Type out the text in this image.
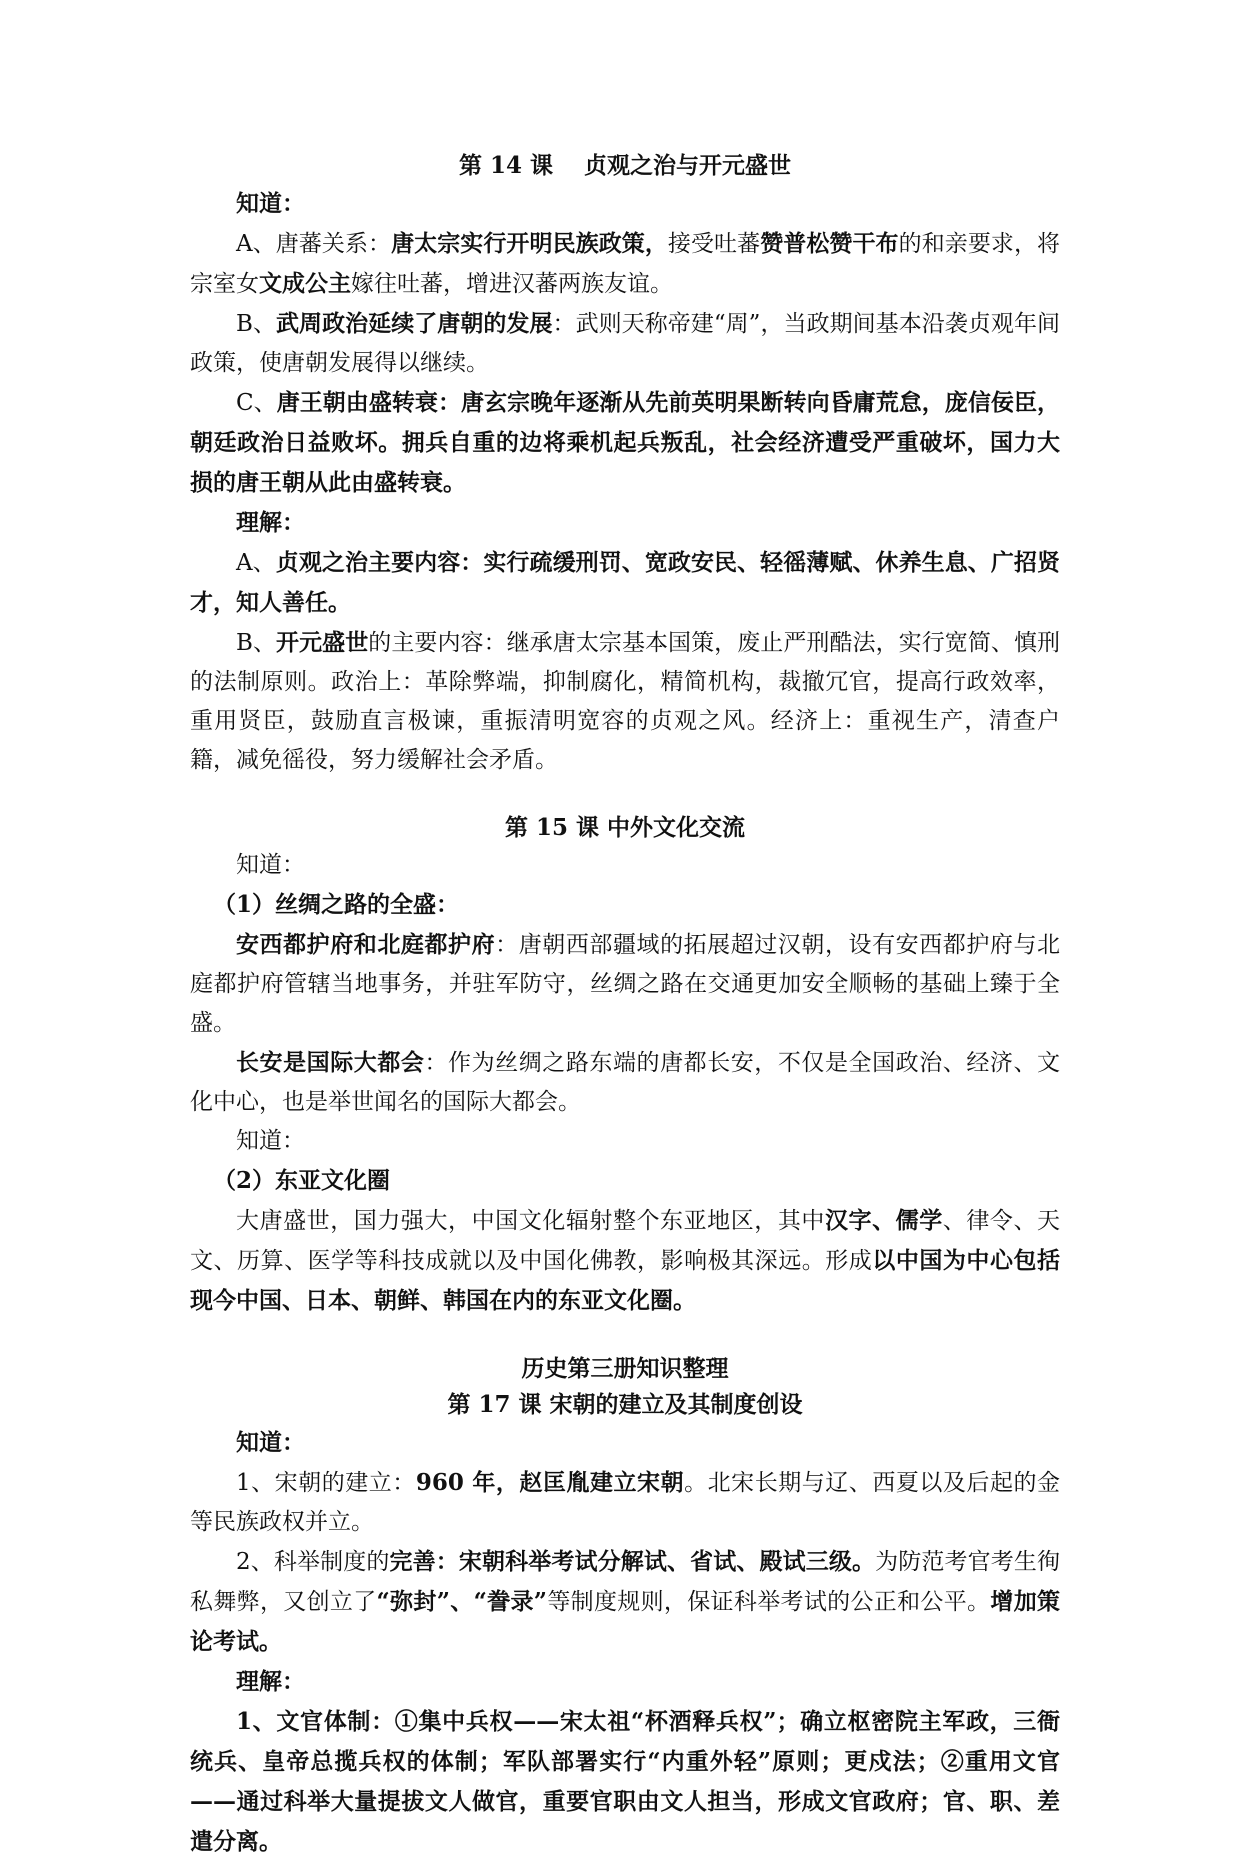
第 14 课　 贞观之治与开元盛世

知道：

A、唐蕃关系：唐太宗实行开明民族政策，接受吐蕃赞普松赞干布的和亲要求，将宗室女文成公主嫁往吐蕃，增进汉蕃两族友谊。

B、武周政治延续了唐朝的发展：武则天称帝建“周”，当政期间基本沿袭贞观年间政策，使唐朝发展得以继续。

C、唐王朝由盛转衰：唐玄宗晚年逐渐从先前英明果断转向昏庸荒怠，庞信佞臣，朝廷政治日益败坏。拥兵自重的边将乘机起兵叛乱，社会经济遭受严重破坏，国力大损的唐王朝从此由盛转衰。

理解：

A、贞观之治主要内容：实行疏缓刑罚、宽政安民、轻徭薄赋、休养生息、广招贤才，知人善任。

B、开元盛世的主要内容：继承唐太宗基本国策，废止严刑酷法，实行宽简、慎刑的法制原则。政治上：革除弊端，抑制腐化，精简机构，裁撤冗官，提高行政效率，重用贤臣，鼓励直言极谏，重振清明宽容的贞观之风。经济上：重视生产，清查户籍，减免徭役，努力缓解社会矛盾。

第 15 课 中外文化交流

知道：

（1）丝绸之路的全盛：

安西都护府和北庭都护府：唐朝西部疆域的拓展超过汉朝，设有安西都护府与北庭都护府管辖当地事务，并驻军防守，丝绸之路在交通更加安全顺畅的基础上臻于全盛。

长安是国际大都会：作为丝绸之路东端的唐都长安，不仅是全国政治、经济、文化中心，也是举世闻名的国际大都会。

知道：

（2）东亚文化圈

大唐盛世，国力强大，中国文化辐射整个东亚地区，其中汉字、儒学、律令、天文、历算、医学等科技成就以及中国化佛教，影响极其深远。形成以中国为中心包括现今中国、日本、朝鲜、韩国在内的东亚文化圈。

历史第三册知识整理
第 17 课 宋朝的建立及其制度创设

知道：

1、宋朝的建立：960 年，赵匡胤建立宋朝。北宋长期与辽、西夏以及后起的金等民族政权并立。

2、科举制度的完善：宋朝科举考试分解试、省试、殿试三级。为防范考官考生徇私舞弊，又创立了“弥封”、“誊录”等制度规则，保证科举考试的公正和公平。增加策论考试。

理解：

1、文官体制：①集中兵权——宋太祖“杯酒释兵权”；确立枢密院主军政，三衙统兵、皇帝总揽兵权的体制；军队部署实行“内重外轻”原则；更戍法；②重用文官——通过科举大量提拔文人做官，重要官职由文人担当，形成文官政府；官、职、差遣分离。
